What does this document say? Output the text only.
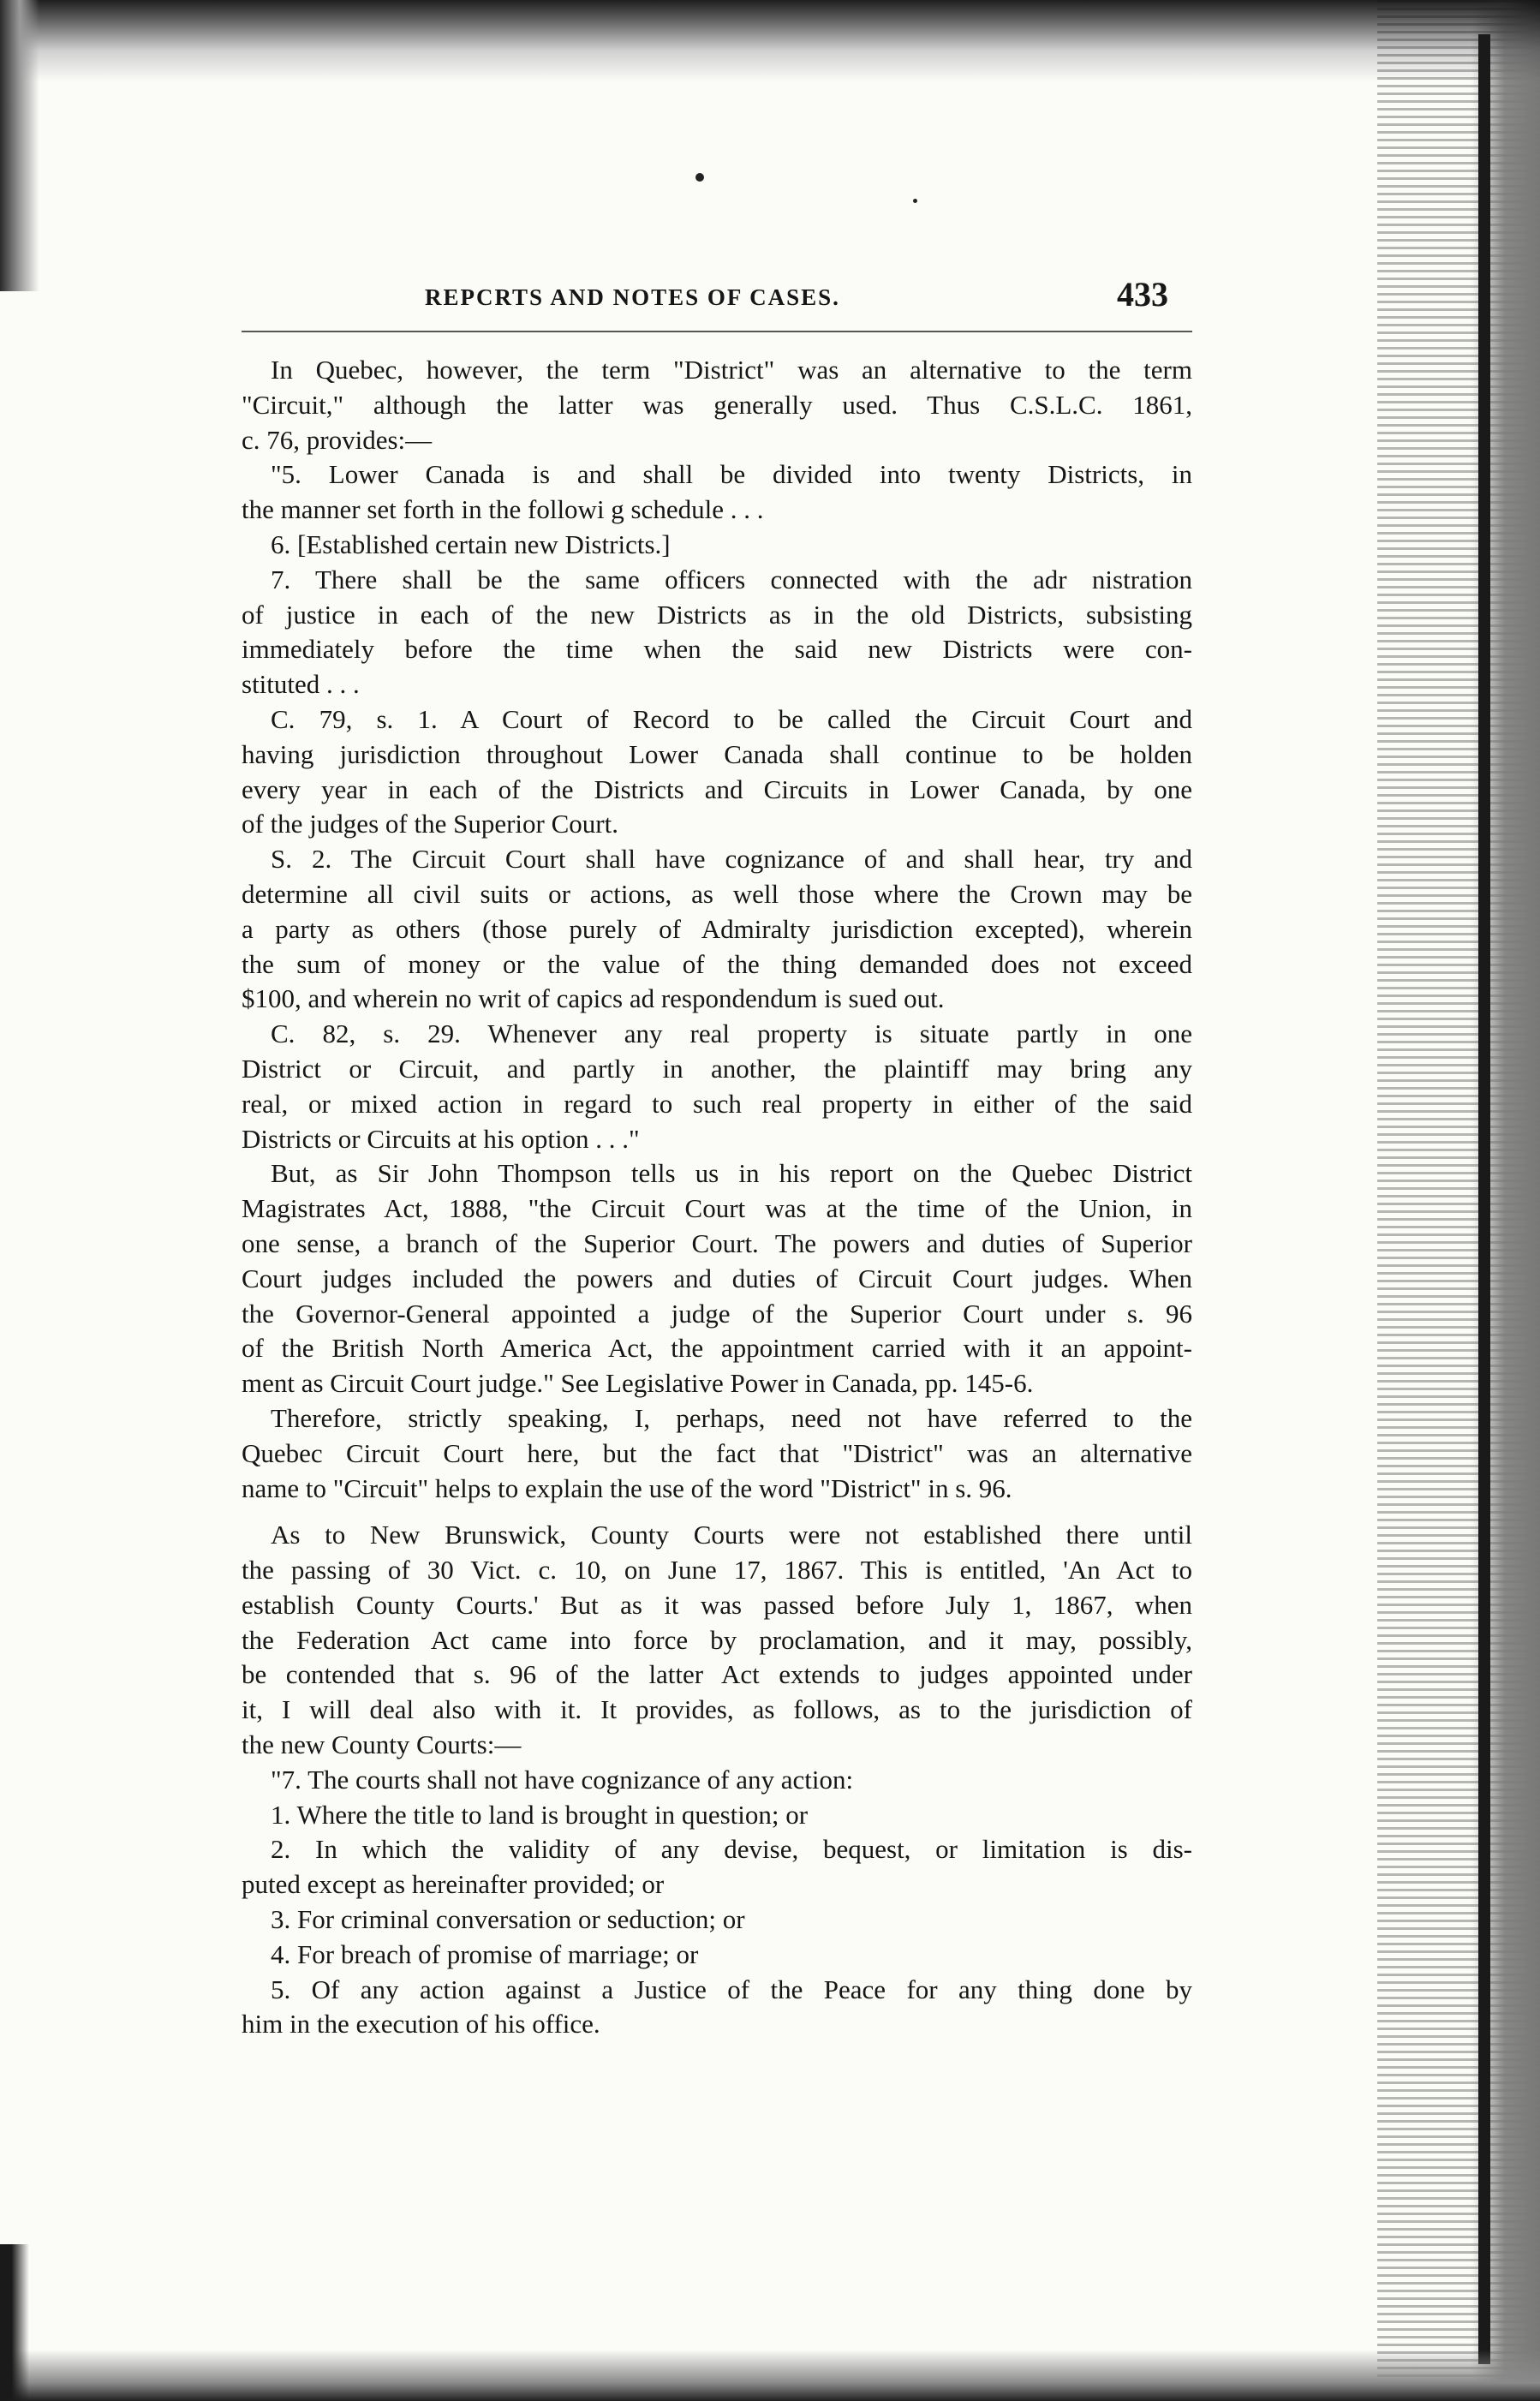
REPCRTS AND NOTES OF CASES.	433
In Quebec, however, the term "District" was an alternative to the term
"Circuit," although the latter was generally used. Thus C.S.L.C. 1861,
c. 76, provides:—
"5. Lower Canada is and shall be divided into twenty Districts, in
the manner set forth in the followi g schedule . . .
6. [Established certain new Districts.]
7. There shall be the same officers connected with the adr nistration
of justice in each of the new Districts as in the old Districts, subsisting
immediately before the time when the said new Districts were con-
stituted . . .
C. 79, s. 1. A Court of Record to be called the Circuit Court and
having jurisdiction throughout Lower Canada shall continue to be holden
every year in each of the Districts and Circuits in Lower Canada, by one
of the judges of the Superior Court.
S. 2. The Circuit Court shall have cognizance of and shall hear, try and
determine all civil suits or actions, as well those where the Crown may be
a party as others (those purely of Admiralty jurisdiction excepted), wherein
the sum of money or the value of the thing demanded does not exceed
$100, and wherein no writ of capics ad respondendum is sued out.
C. 82, s. 29. Whenever any real property is situate partly in one
District or Circuit, and partly in another, the plaintiff may bring any
real, or mixed action in regard to such real property in either of the said
Districts or Circuits at his option . . ."
But, as Sir John Thompson tells us in his report on the Quebec District
Magistrates Act, 1888, "the Circuit Court was at the time of the Union, in
one sense, a branch of the Superior Court. The powers and duties of Superior
Court judges included the powers and duties of Circuit Court judges. When
the Governor-General appointed a judge of the Superior Court under s. 96
of the British North America Act, the appointment carried with it an appoint-
ment as Circuit Court judge." See Legislative Power in Canada, pp. 145-6.
Therefore, strictly speaking, I, perhaps, need not have referred to the
Quebec Circuit Court here, but the fact that "District" was an alternative
name to "Circuit" helps to explain the use of the word "District" in s. 96.
As to New Brunswick, County Courts were not established there until
the passing of 30 Vict. c. 10, on June 17, 1867. This is entitled, 'An Act to
establish County Courts.' But as it was passed before July 1, 1867, when
the Federation Act came into force by proclamation, and it may, possibly,
be contended that s. 96 of the latter Act extends to judges appointed under
it, I will deal also with it. It provides, as follows, as to the jurisdiction of
the new County Courts:—
"7. The courts shall not have cognizance of any action:
1. Where the title to land is brought in question; or
2. In which the validity of any devise, bequest, or limitation is dis-
puted except as hereinafter provided; or
3. For criminal conversation or seduction; or
4. For breach of promise of marriage; or
5. Of any action against a Justice of the Peace for any thing done by
him in the execution of his office.
